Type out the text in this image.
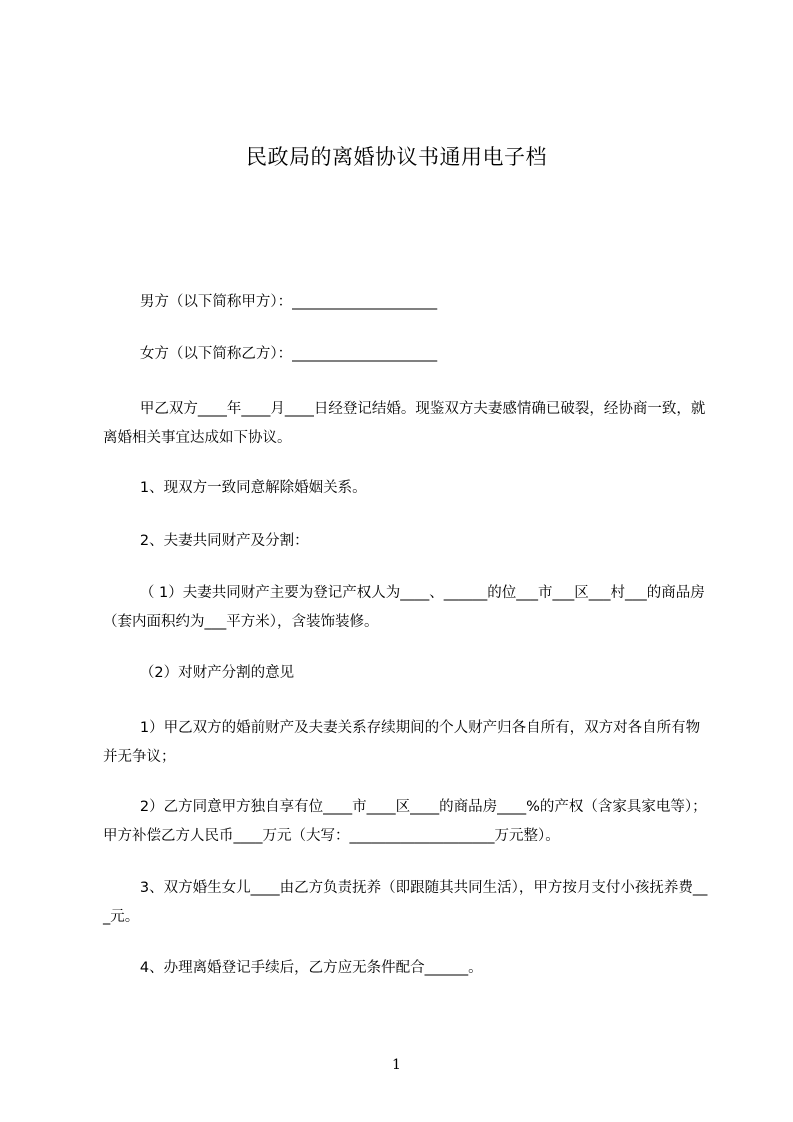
民政局的离婚协议书通用电子档
男方（以下简称甲方）：____________________
女方（以下简称乙方）：____________________
甲乙双方____年____月____日经登记结婚。现鉴双方夫妻感情确已破裂，经协商一致，就离婚相关事宜达成如下协议。
1、现双方一致同意解除婚姻关系。
2、夫妻共同财产及分割：
（ 1）夫妻共同财产主要为登记产权人为____、______的位___市___区___村___的商品房（套内面积约为___平方米），含装饰装修。
（2）对财产分割的意见
1）甲乙双方的婚前财产及夫妻关系存续期间的个人财产归各自所有，双方对各自所有物并无争议；
2）乙方同意甲方独自享有位____市____区____的商品房____%的产权（含家具家电等）；甲方补偿乙方人民币____万元（大写：____________________万元整）。
3、双方婚生女儿____由乙方负责抚养（即跟随其共同生活），甲方按月支付小孩抚养费___元。
4、办理离婚登记手续后，乙方应无条件配合______。
1
